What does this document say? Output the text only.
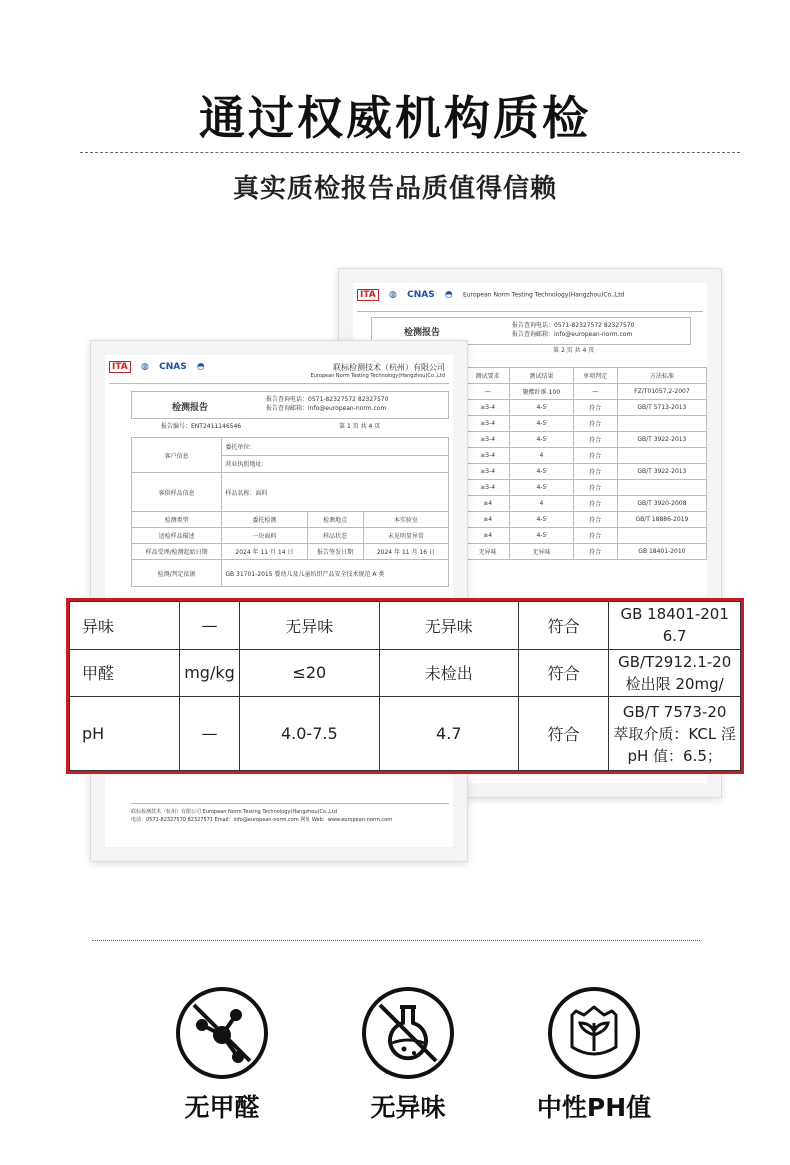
通过权威机构质检
真实质检报告品质值得信赖
ITA ◍ CNAS ◓ European Norm Testing Technology(Hangzhou)Co.,Ltd
检测报告
报告查询电话：0571-82327572 82327570
报告查询邮箱：info@european-norm.com
第 2 页 共 4 页
测试要求	测试结果	单项判定	方法标准
—	聚酯纤维 100	—	FZ/T01057.2-2007
≥3-4	4-5	符合	GB/T 5713-2013
≥3-4	4-5	符合	
≥3-4	4-5	符合	GB/T 3922-2013
≥3-4	4	符合	
≥3-4	4-5	符合	GB/T 3922-2013
≥3-4	4-5	符合	
≥4	4	符合	GB/T 3920-2008
≥4	4-5	符合	GB/T 18886-2019
≥4	4-5	符合	
无异味	无异味	符合	GB 18401-2010
ITA ◍ CNAS ◓	联标检测技术（杭州）有限公司
European Norm Testing Technology(Hangzhou)Co.,Ltd
检测报告
报告查询电话：0571-82327572 82327570
报告查询邮箱：info@european-norm.com
报告编号：ENT2411146546	第 1 页 共 4 页
客户信息	委托单位：		
	营业执照地址：		
客供样品信息	样品名称：面料		
检测类型	委托检测	检测地点	本实验室
送检样品描述	一块面料	样品状态	未见明显异常
样品受理/检测起始日期	2024 年 11 月 14 日	报告签发日期	2024 年 11 月 16 日
检测/判定依据	GB 31701-2015 婴幼儿及儿童纺织产品安全技术规范 A 类		
联标检测技术（杭州）有限公司 European Norm Testing Technology(Hangzhou)Co.,Ltd
电话：0571-82327570 82327571 Email：info@european-norm.com 网址 Web：www.european-norm.com
异味	—	无异味	无异味	符合	GB 18401-201
6.7

甲醛	mg/kg	≤20	未检出	符合	GB/T2912.1-20
检出限 20mg/

pH	—	4.0-7.5	4.7	符合	GB/T 7573-20
萃取介质：KCL 淫
pH 值：6.5；
无甲醛	无异味	中性PH值
